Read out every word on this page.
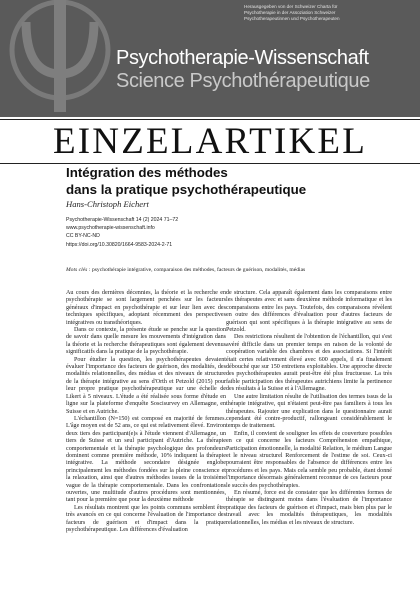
Herausgegeben von der Schweizer Charta für
Psychotherapie in der Assoziation Schweizer
Psychotherapeutinnen und Psychotherapeuten
Psychotherapie-Wissenschaft
Science Psychothérapeutique
EINZELARTIKEL
Intégration des méthodes
dans la pratique psychothérapeutique
Hans-Christoph Eichert
Psychotherapie-Wissenschaft 14 (2) 2024 71–72
www.psychotherapie-wissenschaft.info
CC BY-NC-ND
https://doi.org/10.30820/1664-9583-2024-2-71
Mots clés : psychothérapie intégrative, comparaison des méthodes, facteurs de guérison, modalités, médias

Au cours des dernières décennies, la théorie et la recherche en psychothérapie se sont largement penchées sur les facteurs généraux d'impact en psychothérapie et sur leur lien avec des techniques spécifiques, adoptant récemment des perspectives intégratives ou transthéoriques.

Dans ce contexte, la présente étude se penche sur la question de savoir dans quelle mesure les mouvements d'intégration dans la théorie et la recherche thérapeutiques sont également devenus significatifs dans la pratique de la psychothérapie.

Pour étudier la question, les psychothérapeutes devaient évaluer l'importance des facteurs de guérison, des modalités, des modalités relationnelles, des médias et des niveaux de structure de la thérapie intégrative au sens d'Orth et Petzold (2015) pour leur propre pratique psychothérapeutique sur une échelle de Likert à 5 niveaux. L'étude a été réalisée sous forme d'étude en ligne sur la plateforme d'enquête Soscisurvey en Allemagne, en Suisse et en Autriche.

L'échantillon (N=150) est composé en majorité de femmes. L'âge moyen est de 52 ans, ce qui est relativement élevé. Environ deux tiers des participant(e)s à l'étude viennent d'Allemagne, un tiers de Suisse et un seul participant d'Autriche. La thérapie comportementale et la thérapie psychologique des profondeurs dominent comme première méthode, 10% indiquent la thérapie intégrative. La méthode secondaire désignée englobe principalement les méthodes fondées sur la pleine conscience et la relaxation, ainsi que d'autres méthodes issues de la troisième vague de la thérapie comportementale. Dans les confrontations ouvertes, une multitude d'autres procédures sont mentionnées, tant pour la première que pour la deuxième méthode

Les résultats montrent que les points communs semblent être très avancés en ce qui concerne l'évaluation de l'importance des facteurs de guérison et d'impact dans la pratique psychothérapeutique. Les différences d'évaluation

de structure. Cela apparaît également dans les comparaisons entre les thérapeutes avec et sans deuxième méthode informatique et les comparaisons entre les pays. Toutefois, des comparaisons révèlent en outre des différences d'évaluation pour d'autres facteurs de guérison qui sont spécifiques à la thérapie intégrative au sens de Petzold.

Des restrictions résultent de l'obtention de l'échantillon, qui s'est avéré difficile dans un premier temps en raison de la volonté de coopération variable des chambres et des associations. Si l'intérêt était certes relativement élevé avec 600 appels, il n'a finalement débouché que sur 150 entretiens exploitables. Une approche directe des psychothérapeutes aurait peut-être été plus fructueuse. La très faible participation des thérapeutes autrichiens limite la pertinence des résultats à la Suisse et à l'Allemagne.

Une autre limitation résulte de l'utilisation des termes issus de la thérapie intégrative, qui n'étaient peut-être pas familiers à tous les thérapeutes. Rajouter une explication dans le questionnaire aurait cependant été contre-productif, rallongeant considérablement le temps de traitement.

Enfin, il convient de souligner les effets de couverture possibles en ce qui concerne les facteurs Compréhension empathique, Participation émotionnelle, la modalité Relation, le médium Langue et le niveau structurel Renforcement de l'estime de soi. Ceux-ci pourraient être responsables de l'absence de différences entre les procédures et les pays. Mais cela semble peu probable, étant donné l'importance désormais généralement reconnue de ces facteurs pour le succès des psychothérapies.

En résumé, force est de constater que les différentes formes de thérapie se distinguent moins dans l'évaluation de l'importance pratique des facteurs de guérison et d'impact, mais bien plus par le travail avec les modalités thérapeutiques, les modalités relationnelles, les médias et les niveaux de structure.
